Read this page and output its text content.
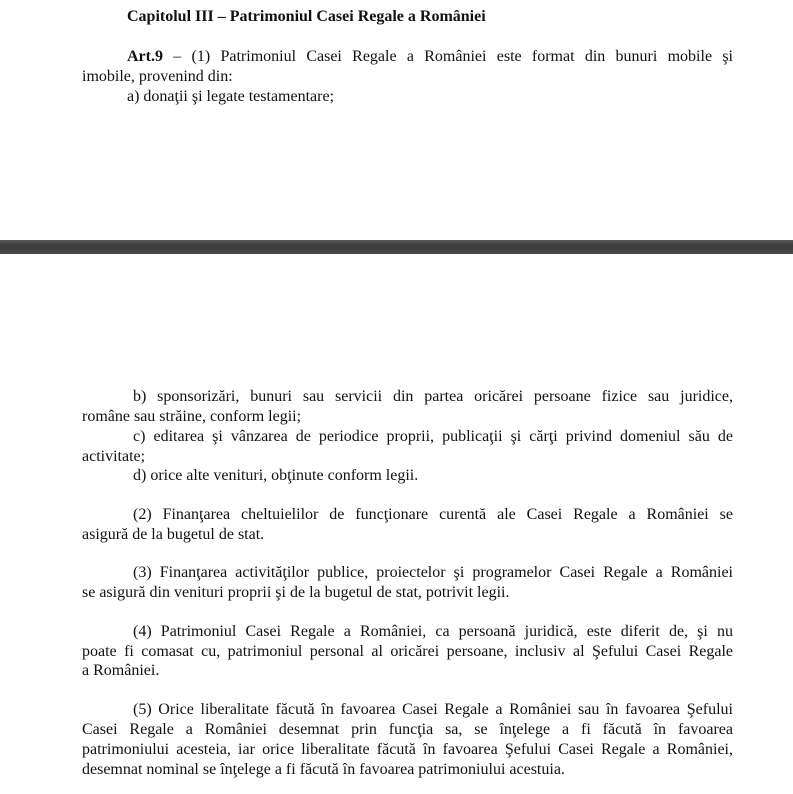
Capitolul III – Patrimoniul Casei Regale a României
Art.9 – (1) Patrimoniul Casei Regale a României este format din bunuri mobile şi
imobile, provenind din:
a) donaţii şi legate testamentare;
b) sponsorizări, bunuri sau servicii din partea oricărei persoane fizice sau juridice,
române sau străine, conform legii;
c) editarea şi vânzarea de periodice proprii, publicaţii şi cărţi privind domeniul său de
activitate;
d) orice alte venituri, obţinute conform legii.
(2) Finanţarea cheltuielilor de funcţionare curentă ale Casei Regale a României se
asigură de la bugetul de stat.
(3) Finanţarea activităţilor publice, proiectelor şi programelor Casei Regale a României
se asigură din venituri proprii şi de la bugetul de stat, potrivit legii.
(4) Patrimoniul Casei Regale a României, ca persoană juridică, este diferit de, şi nu
poate fi comasat cu, patrimoniul personal al oricărei persoane, inclusiv al Şefului Casei Regale
a României.
(5) Orice liberalitate făcută în favoarea Casei Regale a României sau în favoarea Şefului
Casei Regale a României desemnat prin funcţia sa, se înţelege a fi făcută în favoarea
patrimoniului acesteia, iar orice liberalitate făcută în favoarea Şefului Casei Regale a României,
desemnat nominal se înţelege a fi făcută în favoarea patrimoniului acestuia.
